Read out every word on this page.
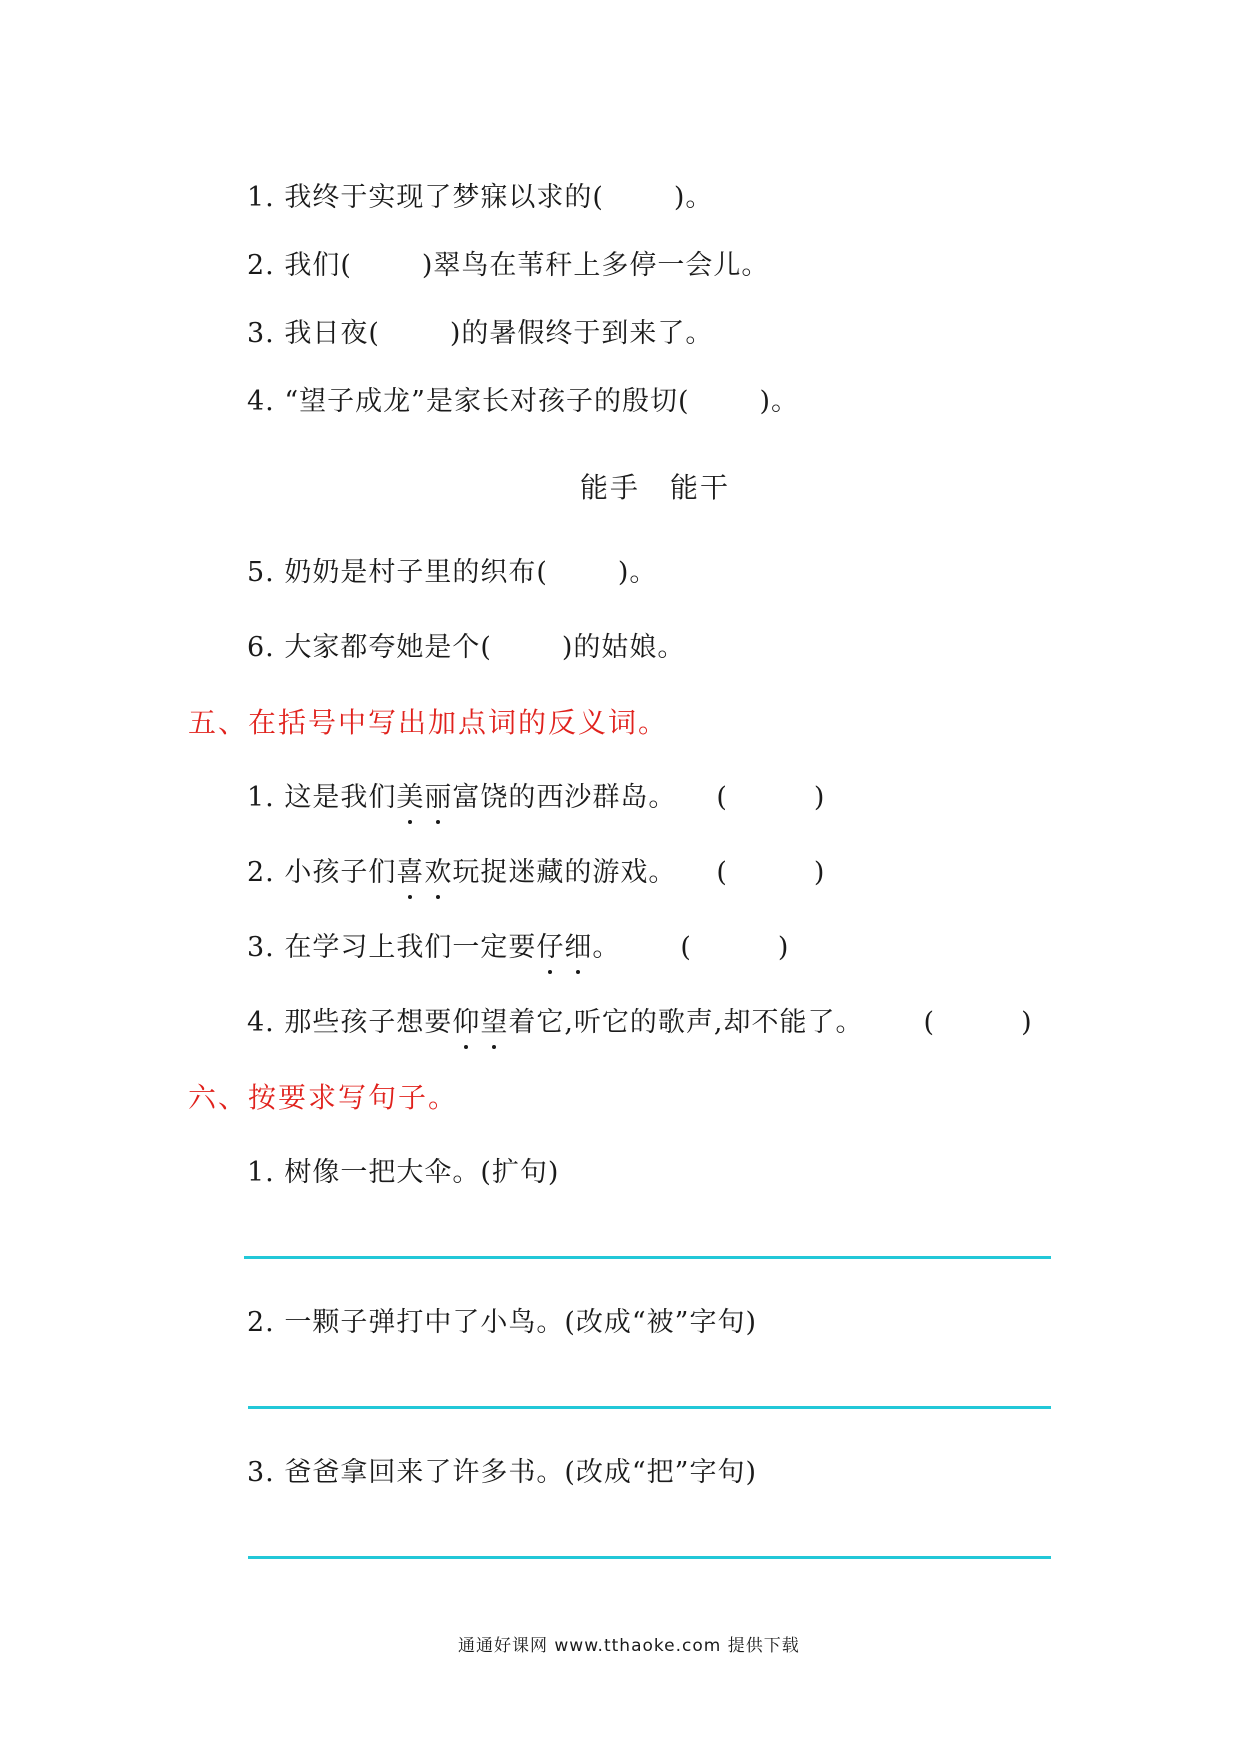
1. 我终于实现了梦寐以求的(	)。
2. 我们(	)翠鸟在苇秆上多停一会儿。
3. 我日夜(	)的暑假终于到来了。
4. “望子成龙”是家长对孩子的殷切(	)。
能手　能干
5. 奶奶是村子里的织布(	)。
6. 大家都夸她是个(	)的姑娘。
五、在括号中写出加点词的反义词。
1. 这是我们美丽富饶的西沙群岛。 (	)
2. 小孩子们喜欢玩捉迷藏的游戏。 (	)
3. 在学习上我们一定要仔细。 (	)
4. 那些孩子想要仰望着它,听它的歌声,却不能了。 (	)
六、按要求写句子。
1. 树像一把大伞。(扩句)
2. 一颗子弹打中了小鸟。(改成“被”字句)
3. 爸爸拿回来了许多书。(改成“把”字句)
通通好课网 www.tthaoke.com 提供下载
